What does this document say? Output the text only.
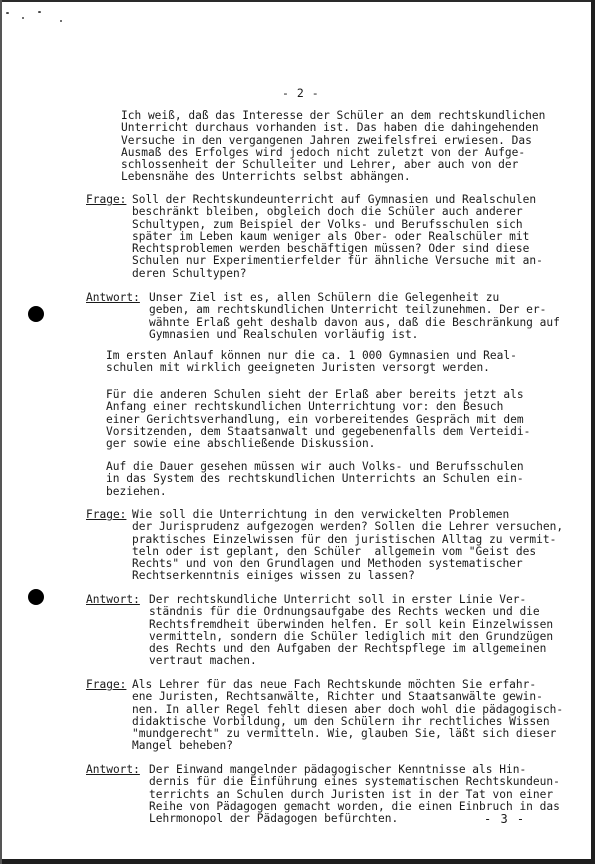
- 2 -
Ich weiß, daß das Interesse der Schüler an dem rechtskundlichen
Unterricht durchaus vorhanden ist. Das haben die dahingehenden
Versuche in den vergangenen Jahren zweifelsfrei erwiesen. Das
Ausmaß des Erfolges wird jedoch nicht zuletzt von der Aufge-
schlossenheit der Schulleiter und Lehrer, aber auch von der
Lebensnähe des Unterrichts selbst abhängen.
Frage: Soll der Rechtskundeunterricht auf Gymnasien und Realschulen
beschränkt bleiben, obgleich doch die Schüler auch anderer
Schultypen, zum Beispiel der Volks- und Berufsschulen sich
später im Leben kaum weniger als Ober- oder Realschüler mit
Rechtsproblemen werden beschäftigen müssen? Oder sind diese
Schulen nur Experimentierfelder für ähnliche Versuche mit an-
deren Schultypen?
Antwort: Unser Ziel ist es, allen Schülern die Gelegenheit zu
geben, am rechtskundlichen Unterricht teilzunehmen. Der er-
wähnte Erlaß geht deshalb davon aus, daß die Beschränkung auf
Gymnasien und Realschulen vorläufig ist.
Im ersten Anlauf können nur die ca. 1 000 Gymnasien und Real-
schulen mit wirklich geeigneten Juristen versorgt werden.
Für die anderen Schulen sieht der Erlaß aber bereits jetzt als
Anfang einer rechtskundlichen Unterrichtung vor: den Besuch
einer Gerichtsverhandlung, ein vorbereitendes Gespräch mit dem
Vorsitzenden, dem Staatsanwalt und gegebenenfalls dem Verteidi-
ger sowie eine abschließende Diskussion.
Auf die Dauer gesehen müssen wir auch Volks- und Berufsschulen
in das System des rechtskundlichen Unterrichts an Schulen ein-
beziehen.
Frage: Wie soll die Unterrichtung in den verwickelten Problemen
der Jurisprudenz aufgezogen werden? Sollen die Lehrer versuchen,
praktisches Einzelwissen für den juristischen Alltag zu vermit-
teln oder ist geplant, den Schüler  allgemein vom "Geist des
Rechts" und von den Grundlagen und Methoden systematischer
Rechtserkenntnis einiges wissen zu lassen?
Antwort: Der rechtskundliche Unterricht soll in erster Linie Ver-
ständnis für die Ordnungsaufgabe des Rechts wecken und die
Rechtsfremdheit überwinden helfen. Er soll kein Einzelwissen
vermitteln, sondern die Schüler lediglich mit den Grundzügen
des Rechts und den Aufgaben der Rechtspflege im allgemeinen
vertraut machen.
Frage: Als Lehrer für das neue Fach Rechtskunde möchten Sie erfahr-
ene Juristen, Rechtsanwälte, Richter und Staatsanwälte gewin-
nen. In aller Regel fehlt diesen aber doch wohl die pädagogisch-
didaktische Vorbildung, um den Schülern ihr rechtliches Wissen
"mundgerecht" zu vermitteln. Wie, glauben Sie, läßt sich dieser
Mangel beheben?
Antwort: Der Einwand mangelnder pädagogischer Kenntnisse als Hin-
dernis für die Einführung eines systematischen Rechtskundeun-
terrichts an Schulen durch Juristen ist in der Tat von einer
Reihe von Pädagogen gemacht worden, die einen Einbruch in das
Lehrmonopol der Pädagogen befürchten.	- 3 -
